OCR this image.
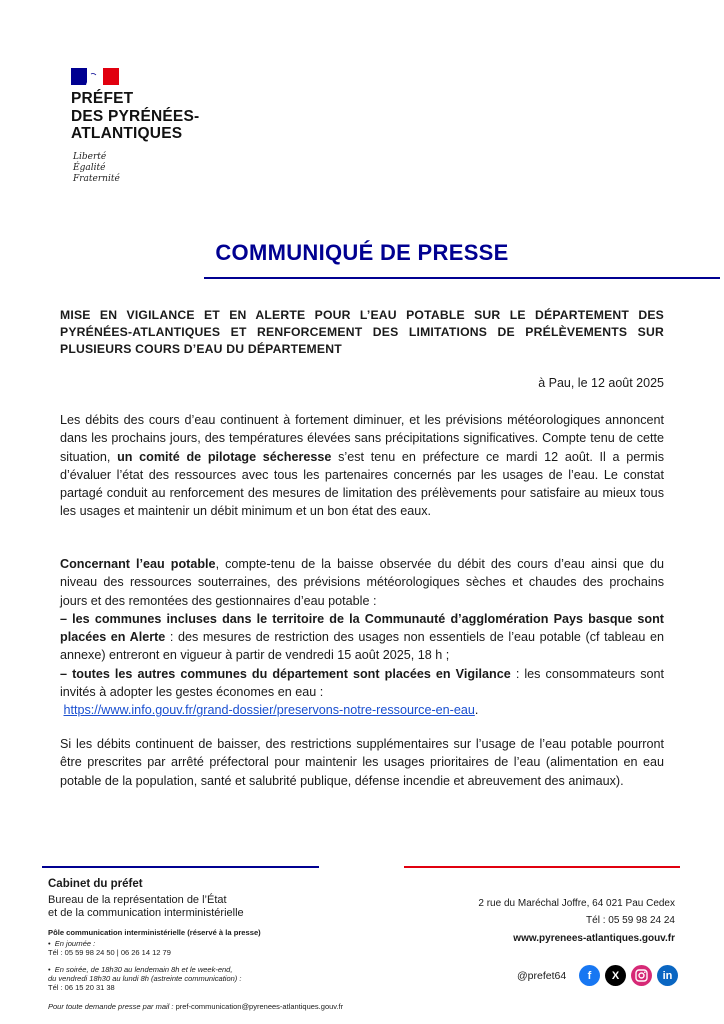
PRÉFET
DES PYRÉNÉES-
ATLANTIQUES
Liberté
Égalité
Fraternité
COMMUNIQUÉ DE PRESSE
MISE EN VIGILANCE ET EN ALERTE POUR L’EAU POTABLE SUR LE DÉPARTEMENT DES PYRÉNÉES-ATLANTIQUES ET RENFORCEMENT DES LIMITATIONS DE PRÉLÈVEMENTS SUR PLUSIEURS COURS D’EAU DU DÉPARTEMENT
à Pau, le 12 août 2025
Les débits des cours d’eau continuent à fortement diminuer, et les prévisions météorologiques annoncent dans les prochains jours, des températures élevées sans précipitations significatives. Compte tenu de cette situation, un comité de pilotage sécheresse s’est tenu en préfecture ce mardi 12 août. Il a permis d’évaluer l’état des ressources avec tous les partenaires concernés par les usages de l’eau. Le constat partagé conduit au renforcement des mesures de limitation des prélèvements pour satisfaire au mieux tous les usages et maintenir un débit minimum et un bon état des eaux.
Concernant l’eau potable, compte-tenu de la baisse observée du débit des cours d’eau ainsi que du niveau des ressources souterraines, des prévisions météorologiques sèches et chaudes des prochains jours et des remontées des gestionnaires d’eau potable :
– les communes incluses dans le territoire de la Communauté d’agglomération Pays basque sont placées en Alerte : des mesures de restriction des usages non essentiels de l’eau potable (cf tableau en annexe) entreront en vigueur à partir de vendredi 15 août 2025, 18 h ;
– toutes les autres communes du département sont placées en Vigilance : les consommateurs sont invités à adopter les gestes économes en eau :
https://www.info.gouv.fr/grand-dossier/preservons-notre-ressource-en-eau.
Si les débits continuent de baisser, des restrictions supplémentaires sur l’usage de l’eau potable pourront être prescrites par arrêté préfectoral pour maintenir les usages prioritaires de l’eau (alimentation en eau potable de la population, santé et salubrité publique, défense incendie et abreuvement des animaux).
Cabinet du préfet
Bureau de la représentation de l’État
et de la communication interministérielle
Pôle communication interministérielle (réservé à la presse)
•  En journée :
Tél : 05 59 98 24 50 | 06 26 14 12 79
•  En soirée, de 18h30 au lendemain 8h et le week-end,
du vendredi 18h30 au lundi 8h (astreinte communication) :
Tél : 06 15 20 31 38
Pour toute demande presse par mail : pref-communication@pyrenees-atlantiques.gouv.fr
2 rue du Maréchal Joffre, 64 021 Pau Cedex
Tél : 05 59 98 24 24
www.pyrenees-atlantiques.gouv.fr
@prefet64	f	X	in
